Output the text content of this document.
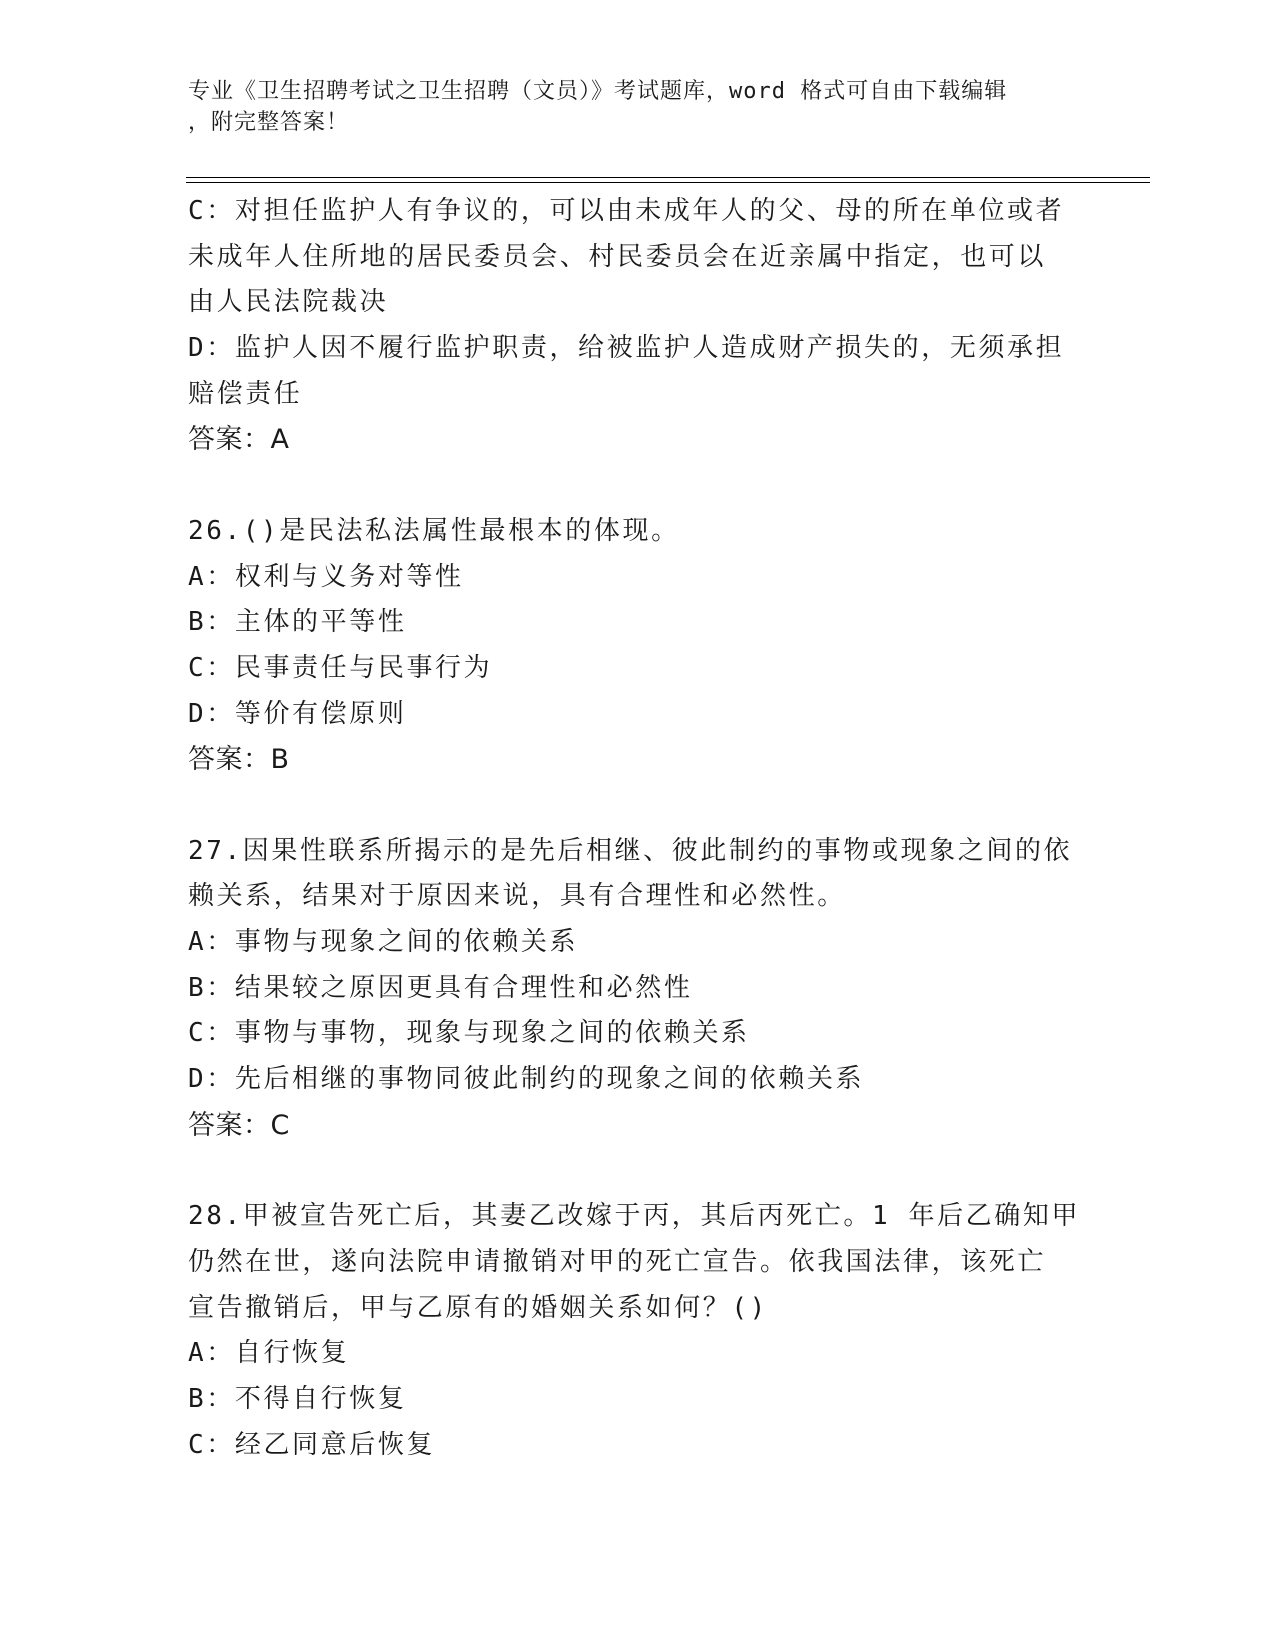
专业《卫生招聘考试之卫生招聘（文员）》考试题库，word 格式可自由下载编辑
，附完整答案！
C：对担任监护人有争议的，可以由未成年人的父、母的所在单位或者
未成年人住所地的居民委员会、村民委员会在近亲属中指定，也可以
由人民法院裁决
D：监护人因不履行监护职责，给被监护人造成财产损失的，无须承担
赔偿责任
答案：A
26.()是民法私法属性最根本的体现。
A：权利与义务对等性
B：主体的平等性
C：民事责任与民事行为
D：等价有偿原则
答案：B
27.因果性联系所揭示的是先后相继、彼此制约的事物或现象之间的依
赖关系，结果对于原因来说，具有合理性和必然性。
A：事物与现象之间的依赖关系
B：结果较之原因更具有合理性和必然性
C：事物与事物，现象与现象之间的依赖关系
D：先后相继的事物同彼此制约的现象之间的依赖关系
答案：C
28.甲被宣告死亡后，其妻乙改嫁于丙，其后丙死亡。1 年后乙确知甲
仍然在世，遂向法院申请撤销对甲的死亡宣告。依我国法律，该死亡
宣告撤销后，甲与乙原有的婚姻关系如何？()
A：自行恢复
B：不得自行恢复
C：经乙同意后恢复
